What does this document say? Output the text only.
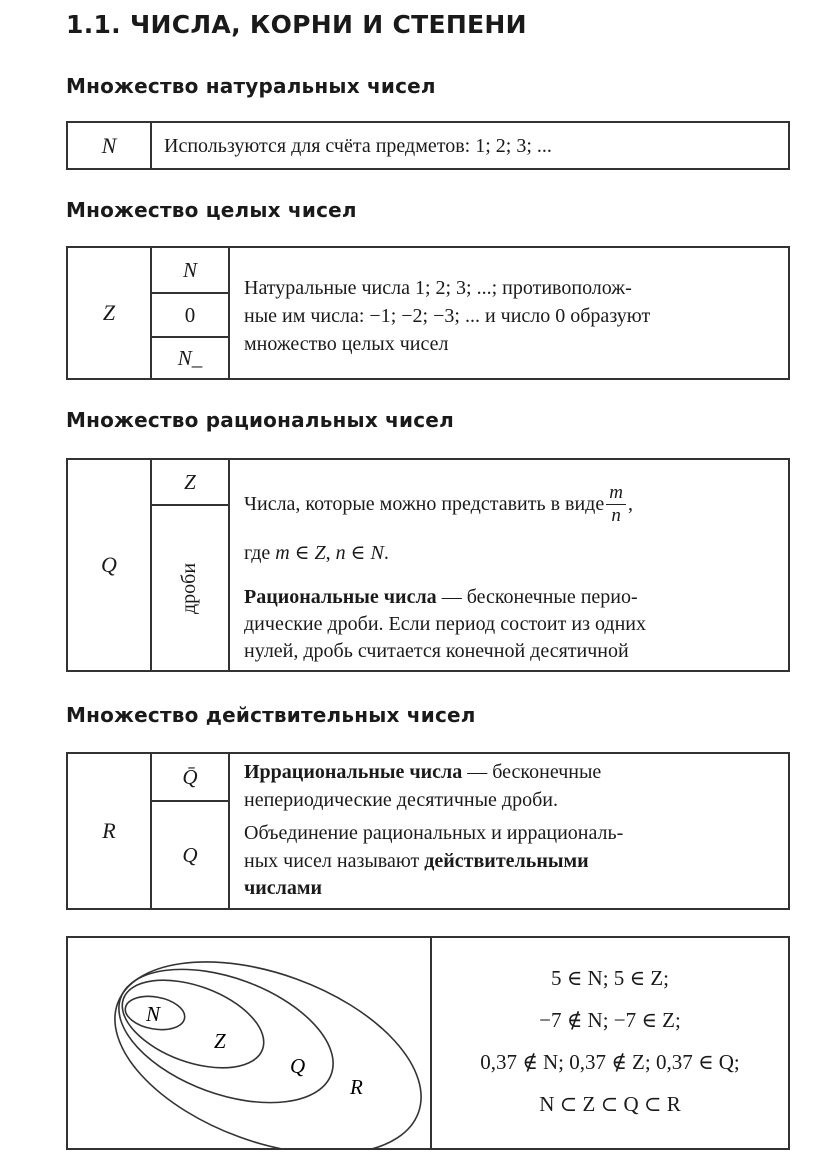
1.1. ЧИСЛА, КОРНИ И СТЕПЕНИ
Множество натуральных чисел
N	Используются для счёта предметов: 1; 2; 3; ...
Множество целых чисел
Z
N
0
N_
Натуральные числа 1; 2; 3; ...; противополож-
ные им числа: −1; −2; −3; ... и число 0 образуют
множество целых чисел
Множество рациональных чисел
Q
Z
дроби
Числа, которые можно представить в виде $\frac{m}{n}$ ,
где m ∈ Z, n ∈ N.
Рациональные числа — бесконечные перио-
дические дроби. Если период состоит из одних
нулей, дробь считается конечной десятичной
Множество действительных чисел
R
Q̄
Q
Иррациональные числа — бесконечные
непериодические десятичные дроби.
Объединение рациональных и иррациональ-
ных чисел называют действительными
числами
N
Z
Q
R
5 ∈ N; 5 ∈ Z;
−7 ∉ N; −7 ∈ Z;
0,37 ∉ N; 0,37 ∉ Z; 0,37 ∈ Q;
N ⊂ Z ⊂ Q ⊂ R
